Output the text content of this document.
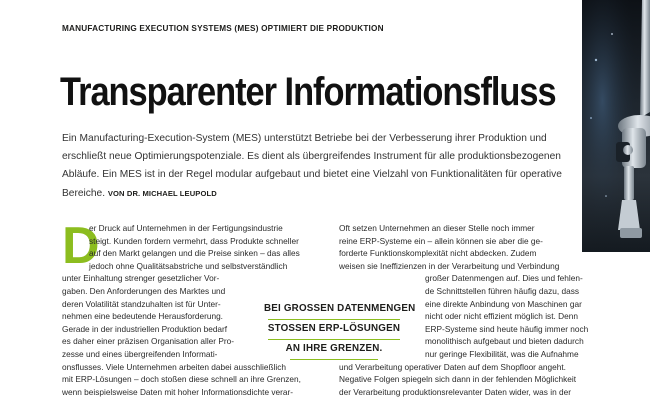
MANUFACTURING EXECUTION SYSTEMS (MES) OPTIMIERT DIE PRODUKTION
Transparenter Informationsfluss

Ein Manufacturing-Execution-System (MES) unterstützt Betriebe bei der Verbesserung ihrer Produktion und erschließt neue Optimierungspotenziale. Es dient als übergreifendes Instrument für alle produktionsbezogenen Abläufe. Ein MES ist in der Regel modular aufgebaut und bietet eine Vielzahl von Funktionalitäten für operative Bereiche. VON DR. MICHAEL LEUPOLD

D
er Druck auf Unternehmen in der Fertigungsindustrie
steigt. Kunden fordern vermehrt, dass Produkte schneller
auf den Markt gelangen und die Preise sinken – das alles
jedoch ohne Qualitätsabstriche und selbstverständlich
unter Einhaltung strenger gesetzlicher Vor-
gaben. Den Anforderungen des Marktes und
deren Volatilität standzuhalten ist für Unter-
nehmen eine bedeutende Herausforderung.
Gerade in der industriellen Produktion bedarf
es daher einer präzisen Organisation aller Pro-
zesse und eines übergreifenden Informati-
onsflusses. Viele Unternehmen arbeiten dabei ausschließlich
mit ERP-Lösungen – doch stoßen diese schnell an ihre Grenzen,
wenn beispielsweise Daten mit hoher Informationsdichte verar-
Oft setzen Unternehmen an dieser Stelle noch immer
reine ERP-Systeme ein – allein können sie aber die ge-
forderte Funktionskomplexität nicht abdecken. Zudem
weisen sie Ineffizienzen in der Verarbeitung und Verbindung
großer Datenmengen auf. Dies und fehlen-
de Schnittstellen führen häufig dazu, dass
eine direkte Anbindung von Maschinen gar
nicht oder nicht effizient möglich ist. Denn
ERP-Systeme sind heute häufig immer noch
monolithisch aufgebaut und bieten dadurch
nur geringe Flexibilität, was die Aufnahme
und Verarbeitung operativer Daten auf dem Shopfloor angeht.
Negative Folgen spiegeln sich dann in der fehlenden Möglichkeit
der Verarbeitung produktionsrelevanter Daten wider, was in der
BEI GROSSEN DATENMENGEN
STOSSEN ERP-LÖSUNGEN
AN IHRE GRENZEN.
